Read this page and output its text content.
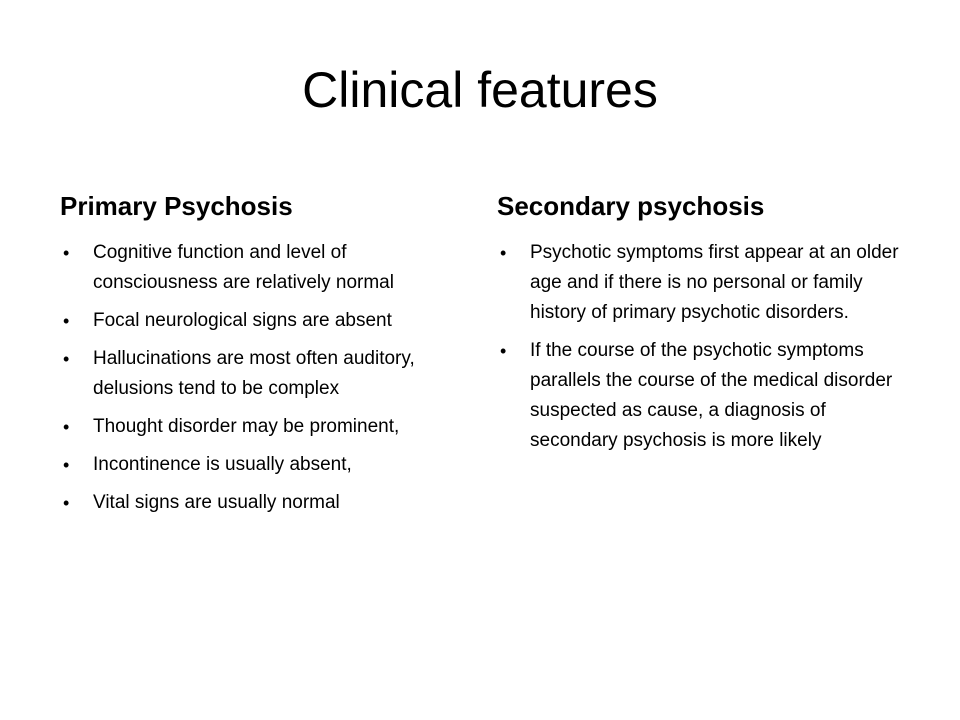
Clinical features
Primary Psychosis
• Cognitive function and level of consciousness are relatively normal
• Focal neurological signs are absent
• Hallucinations are most often auditory, delusions tend to be complex
• Thought disorder may be prominent,
• Incontinence is usually absent,
• Vital signs are usually normal
Secondary psychosis
• Psychotic symptoms first appear at an older age and if there is no personal or family history of primary psychotic disorders.
• If the course of the psychotic symptoms parallels the course of the medical disorder suspected as cause, a diagnosis of secondary psychosis is more likely
